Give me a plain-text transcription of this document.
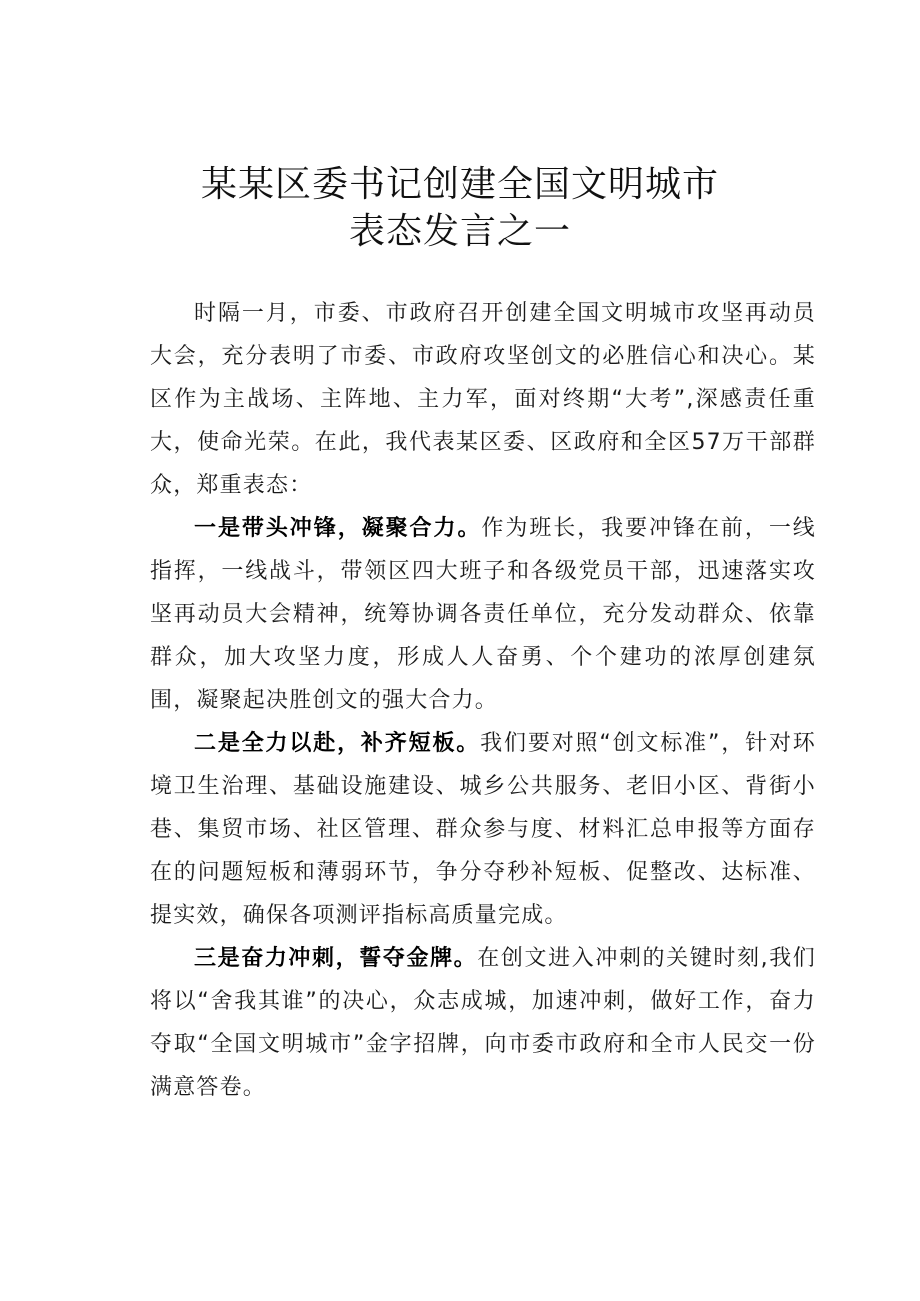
某某区委书记创建全国文明城市
表态发言之一

时隔一月，市委、市政府召开创建全国文明城市攻坚再动员大会，充分表明了市委、市政府攻坚创文的必胜信心和决心。某区作为主战场、主阵地、主力军，面对终期“大考”,深感责任重大，使命光荣。在此，我代表某区委、区政府和全区57万干部群众，郑重表态：

一是带头冲锋，凝聚合力。作为班长，我要冲锋在前，一线指挥，一线战斗，带领区四大班子和各级党员干部，迅速落实攻坚再动员大会精神，统筹协调各责任单位，充分发动群众、依靠群众，加大攻坚力度，形成人人奋勇、个个建功的浓厚创建氛围，凝聚起决胜创文的强大合力。

二是全力以赴，补齐短板。我们要对照“创文标准”，针对环境卫生治理、基础设施建设、城乡公共服务、老旧小区、背街小巷、集贸市场、社区管理、群众参与度、材料汇总申报等方面存在的问题短板和薄弱环节，争分夺秒补短板、促整改、达标准、提实效，确保各项测评指标高质量完成。

三是奋力冲刺，誓夺金牌。在创文进入冲刺的关键时刻,我们将以“舍我其谁”的决心，众志成城，加速冲刺，做好工作，奋力夺取“全国文明城市”金字招牌，向市委市政府和全市人民交一份满意答卷。
